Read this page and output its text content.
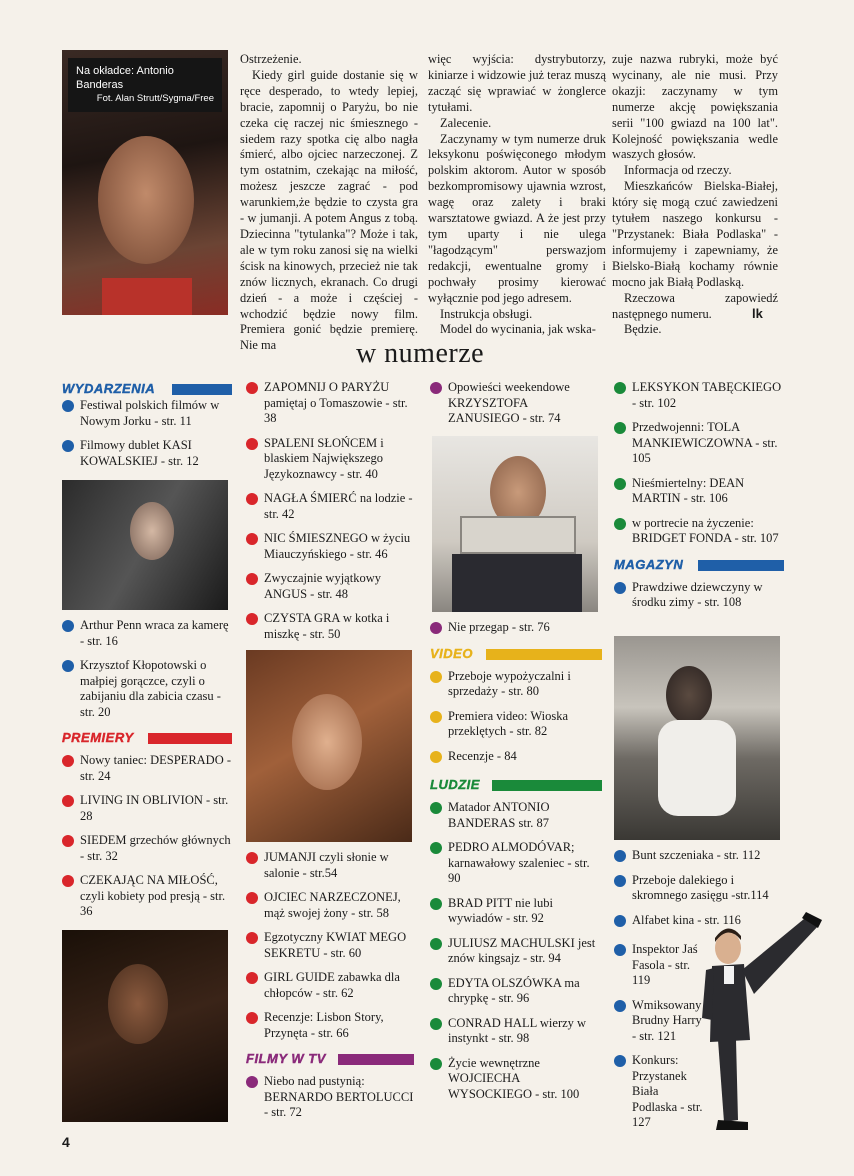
Na okładce: Antonio Banderas
Fot. Alan Strutt/Sygma/Free

Ostrzeżenie.

Kiedy girl guide dostanie się w ręce desperado, to wtedy lepiej, bracie, zapomnij o Paryżu, bo nie czeka cię raczej nic śmiesznego - siedem razy spotka cię albo nagła śmierć, albo ojciec narzeczonej. Z tym ostatnim, czekając na miłość, możesz jeszcze zagrać - pod warunkiem,że będzie to czysta gra - w jumanji. A potem Angus z tobą. Dziecinna "tytulanka"? Może i tak, ale w tym roku zanosi się na wielki ścisk na kinowych, przecież nie tak znów licznych, ekranach. Co drugi dzień - a może i częściej - wchodzić będzie nowy film. Premiera gonić będzie premierę. Nie ma

więc wyjścia: dystrybutorzy, kiniarze i widzowie już teraz muszą zacząć się wprawiać w żonglerce tytułami.

Zalecenie.

Zaczynamy w tym numerze druk leksykonu poświęconego młodym polskim aktorom. Autor w sposób bezkompromisowy ujawnia wzrost, wagę oraz zalety i braki warsztatowe gwiazd. A że jest przy tym uparty i nie ulega "łagodzącym" perswazjom redakcji, ewentualne gromy i pochwały prosimy kierować wyłącznie pod jego adresem.

Instrukcja obsługi.

Model do wycinania, jak wska-

zuje nazwa rubryki, może być wycinany, ale nie musi. Przy okazji: zaczynamy w tym numerze akcję powiększania serii "100 gwiazd na 100 lat". Kolejność powiększania wedle waszych głosów.

Informacja od rzeczy.

Mieszkańców Bielska-Białej, który się mogą czuć zawiedzeni tytułem naszego konkursu - "Przystanek: Biała Podlaska" - informujemy i zapewniamy, że Bielsko-Białą kochamy równie mocno jak Białą Podlaską.

Rzeczowa zapowiedź następnego numeru.

Będzie.

lk
w numerze
WYDARZENIA
Festiwal polskich filmów w Nowym Jorku - str. 11
Filmowy dublet KASI KOWALSKIEJ - str. 12
Arthur Penn wraca za kamerę - str. 16
Krzysztof Kłopotowski o małpiej gorączce, czyli o zabijaniu dla zabicia czasu - str. 20
PREMIERY
Nowy taniec: DESPERADO - str. 24
LIVING IN OBLIVION - str. 28
SIEDEM grzechów głównych - str. 32
CZEKAJĄC NA MIŁOŚĆ, czyli kobiety pod presją - str. 36
ZAPOMNIJ O PARYŻU pamiętaj o Tomaszowie - str. 38
SPALENI SŁOŃCEM i blaskiem Największego Językoznawcy - str. 40
NAGŁA ŚMIERĆ na lodzie - str. 42
NIC ŚMIESZNEGO w życiu Miauczyńskiego - str. 46
Zwyczajnie wyjątkowy ANGUS - str. 48
CZYSTA GRA w kotka i miszkę - str. 50
JUMANJI czyli słonie w salonie - str.54
OJCIEC NARZECZONEJ, mąż swojej żony - str. 58
Egzotyczny KWIAT MEGO SEKRETU - str. 60
GIRL GUIDE zabawka dla chłopców - str. 62
Recenzje: Lisbon Story, Przynęta - str. 66
FILMY W TV
Niebo nad pustynią: BERNARDO BERTOLUCCI - str. 72
Opowieści weekendowe KRZYSZTOFA ZANUSIEGO - str. 74
Nie przegap - str. 76
VIDEO
Przeboje wypożyczalni i sprzedaży - str. 80
Premiera video: Wioska przeklętych - str. 82
Recenzje - 84
LUDZIE
Matador ANTONIO BANDERAS str. 87
PEDRO ALMODÓVAR; karnawałowy szaleniec - str. 90
BRAD PITT nie lubi wywiadów - str. 92
JULIUSZ MACHULSKI jest znów kingsajz - str. 94
EDYTA OLSZÓWKA ma chrypkę - str. 96
CONRAD HALL wierzy w instynkt - str. 98
Życie wewnętrzne WOJCIECHA WYSOCKIEGO - str. 100
LEKSYKON TABĘCKIEGO - str. 102
Przedwojenni: TOLA MANKIEWICZOWNA - str. 105
Nieśmiertelny: DEAN MARTIN - str. 106
w portrecie na życzenie: BRIDGET FONDA - str. 107
MAGAZYN
Prawdziwe dziewczyny w środku zimy - str. 108
Bunt szczeniaka - str. 112
Przeboje dalekiego i skromnego zasięgu -str.114
Alfabet kina - str. 116
Inspektor Jaś Fasola - str. 119
Wmiksowany Brudny Harry - str. 121
Konkurs: Przystanek Biała Podlaska - str. 127
4
